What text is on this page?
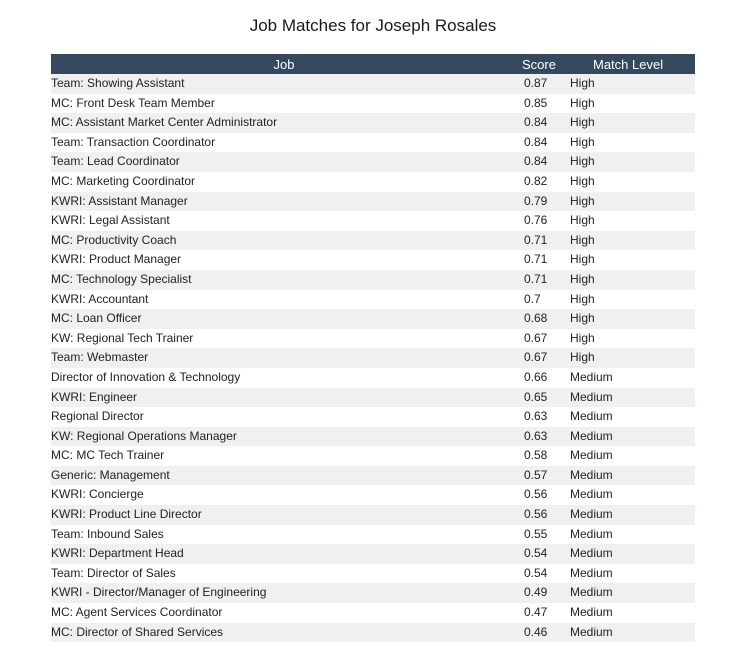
Job Matches for Joseph Rosales
Job	Score	Match Level
Team: Showing Assistant	0.87	High
MC: Front Desk Team Member	0.85	High
MC: Assistant Market Center Administrator	0.84	High
Team: Transaction Coordinator	0.84	High
Team: Lead Coordinator	0.84	High
MC: Marketing Coordinator	0.82	High
KWRI: Assistant Manager	0.79	High
KWRI: Legal Assistant	0.76	High
MC: Productivity Coach	0.71	High
KWRI: Product Manager	0.71	High
MC: Technology Specialist	0.71	High
KWRI: Accountant	0.7	High
MC: Loan Officer	0.68	High
KW: Regional Tech Trainer	0.67	High
Team: Webmaster	0.67	High
Director of Innovation & Technology	0.66	Medium
KWRI: Engineer	0.65	Medium
Regional Director	0.63	Medium
KW: Regional Operations Manager	0.63	Medium
MC: MC Tech Trainer	0.58	Medium
Generic: Management	0.57	Medium
KWRI: Concierge	0.56	Medium
KWRI: Product Line Director	0.56	Medium
Team: Inbound Sales	0.55	Medium
KWRI: Department Head	0.54	Medium
Team: Director of Sales	0.54	Medium
KWRI - Director/Manager of Engineering	0.49	Medium
MC: Agent Services Coordinator	0.47	Medium
MC: Director of Shared Services	0.46	Medium
